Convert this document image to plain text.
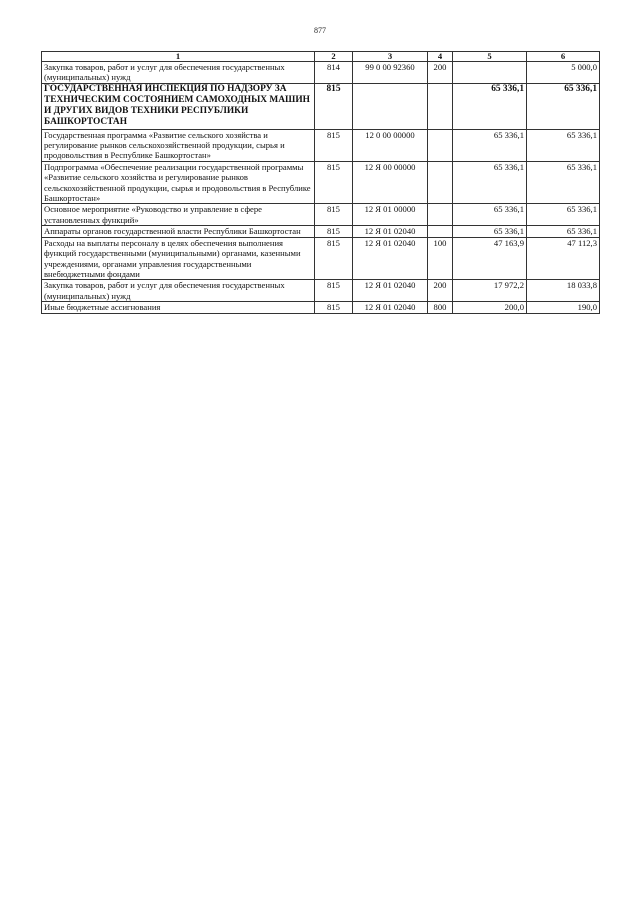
877
1	2	3	4	5	6
Закупка товаров, работ и услуг для обеспечения государственных (муниципальных) нужд	814	99 0 00 92360	200		5 000,0
ГОСУДАРСТВЕННАЯ ИНСПЕКЦИЯ ПО НАДЗОРУ ЗА ТЕХНИЧЕСКИМ СОСТОЯНИЕМ САМОХОДНЫХ МАШИН И ДРУГИХ ВИДОВ ТЕХНИКИ РЕСПУБЛИКИ БАШКОРТОСТАН	815			65 336,1	65 336,1
Государственная программа «Развитие сельского хозяйства и регулирование рынков сельскохозяйственной продукции, сырья и продовольствия в Республике Башкортостан»	815	12 0 00 00000		65 336,1	65 336,1
Подпрограмма «Обеспечение реализации государственной программы «Развитие сельского хозяйства и регулирование рынков сельскохозяйственной продукции, сырья и продовольствия в Республике Башкортостан»	815	12 Я 00 00000		65 336,1	65 336,1
Основное мероприятие «Руководство и управление в сфере установленных функций»	815	12 Я 01 00000		65 336,1	65 336,1
Аппараты органов государственной власти Республики Башкортостан	815	12 Я 01 02040		65 336,1	65 336,1
Расходы на выплаты персоналу в целях обеспечения выполнения функций государственными (муниципальными) органами, казенными учреждениями, органами управления государственными внебюджетными фондами	815	12 Я 01 02040	100	47 163,9	47 112,3
Закупка товаров, работ и услуг для обеспечения государственных (муниципальных) нужд	815	12 Я 01 02040	200	17 972,2	18 033,8
Иные бюджетные ассигнования	815	12 Я 01 02040	800	200,0	190,0
